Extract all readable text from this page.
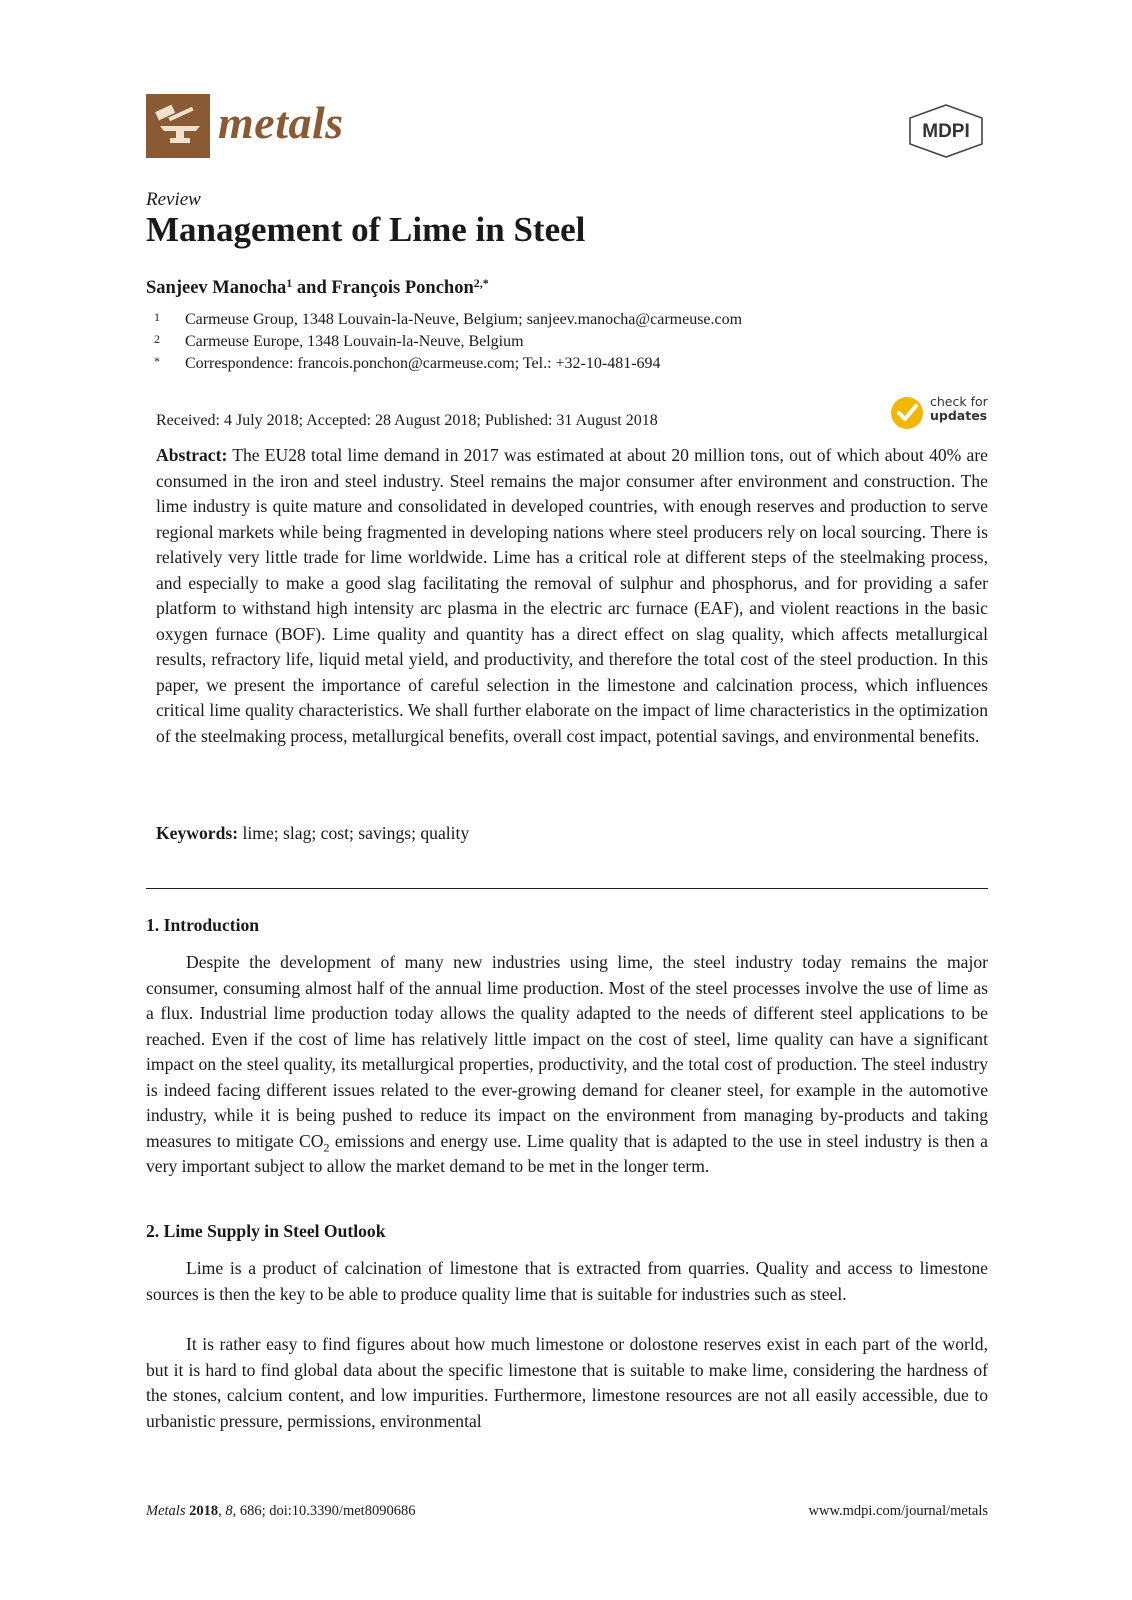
metals	MDPI
Review
Management of Lime in Steel
Sanjeev Manocha$^1$ and François Ponchon$^{2,*}$
1 Carmeuse Group, 1348 Louvain-la-Neuve, Belgium; sanjeev.manocha@carmeuse.com
2 Carmeuse Europe, 1348 Louvain-la-Neuve, Belgium
* Correspondence: francois.ponchon@carmeuse.com; Tel.: +32-10-481-694
Received: 4 July 2018; Accepted: 28 August 2018; Published: 31 August 2018
check for
updates
Abstract: The EU28 total lime demand in 2017 was estimated at about 20 million tons, out of which about 40% are consumed in the iron and steel industry. Steel remains the major consumer after environment and construction. The lime industry is quite mature and consolidated in developed countries, with enough reserves and production to serve regional markets while being fragmented in developing nations where steel producers rely on local sourcing. There is relatively very little trade for lime worldwide. Lime has a critical role at different steps of the steelmaking process, and especially to make a good slag facilitating the removal of sulphur and phosphorus, and for providing a safer platform to withstand high intensity arc plasma in the electric arc furnace (EAF), and violent reactions in the basic oxygen furnace (BOF). Lime quality and quantity has a direct effect on slag quality, which affects metallurgical results, refractory life, liquid metal yield, and productivity, and therefore the total cost of the steel production. In this paper, we present the importance of careful selection in the limestone and calcination process, which influences critical lime quality characteristics. We shall further elaborate on the impact of lime characteristics in the optimization of the steelmaking process, metallurgical benefits, overall cost impact, potential savings, and environmental benefits.
Keywords: lime; slag; cost; savings; quality
1. Introduction
Despite the development of many new industries using lime, the steel industry today remains the major consumer, consuming almost half of the annual lime production. Most of the steel processes involve the use of lime as a flux. Industrial lime production today allows the quality adapted to the needs of different steel applications to be reached. Even if the cost of lime has relatively little impact on the cost of steel, lime quality can have a significant impact on the steel quality, its metallurgical properties, productivity, and the total cost of production. The steel industry is indeed facing different issues related to the ever-growing demand for cleaner steel, for example in the automotive industry, while it is being pushed to reduce its impact on the environment from managing by-products and taking measures to mitigate $CO_2$ emissions and energy use. Lime quality that is adapted to the use in steel industry is then a very important subject to allow the market demand to be met in the longer term.
2. Lime Supply in Steel Outlook
Lime is a product of calcination of limestone that is extracted from quarries. Quality and access to limestone sources is then the key to be able to produce quality lime that is suitable for industries such as steel.
It is rather easy to find figures about how much limestone or dolostone reserves exist in each part of the world, but it is hard to find global data about the specific limestone that is suitable to make lime, considering the hardness of the stones, calcium content, and low impurities. Furthermore, limestone resources are not all easily accessible, due to urbanistic pressure, permissions, environmental
Metals 2018, 8, 686; doi:10.3390/met8090686	www.mdpi.com/journal/metals
